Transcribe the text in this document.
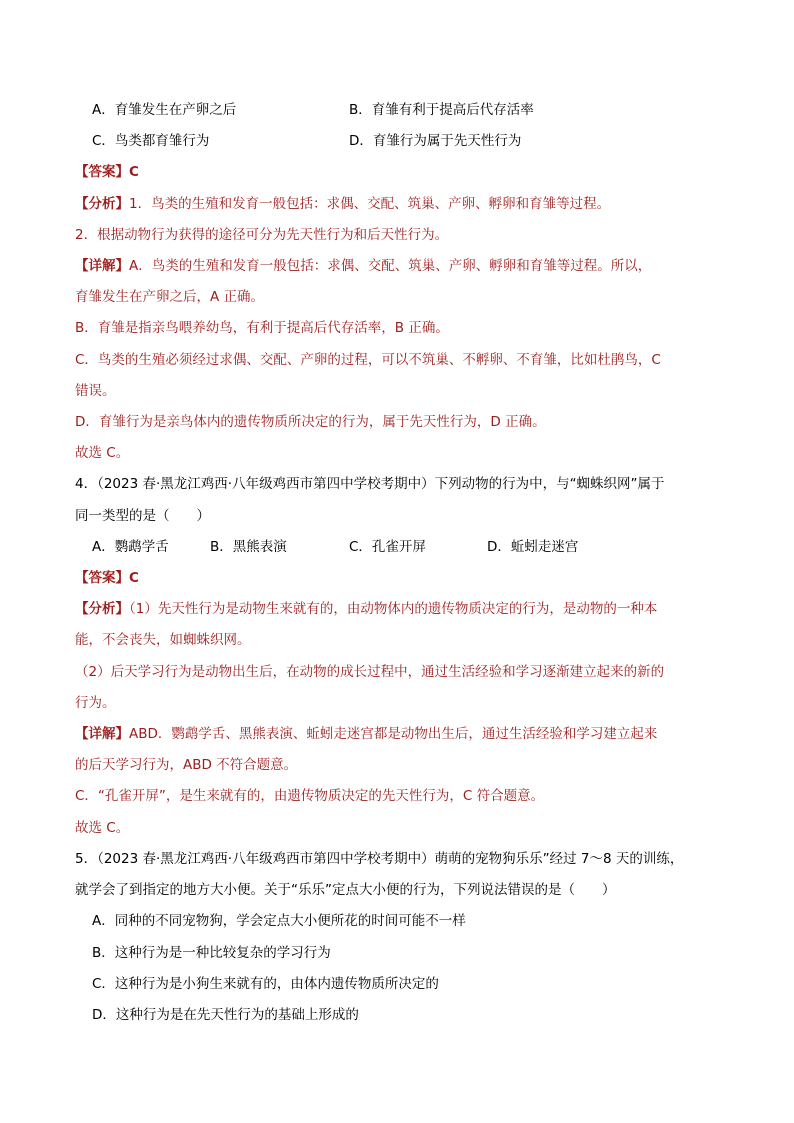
A．育雏发生在产卵之后	B．育雏有利于提高后代存活率
C．鸟类都育雏行为	D．育雏行为属于先天性行为
【答案】C
【分析】1．鸟类的生殖和发育一般包括：求偶、交配、筑巢、产卵、孵卵和育雏等过程。
2．根据动物行为获得的途径可分为先天性行为和后天性行为。
【详解】A．鸟类的生殖和发育一般包括：求偶、交配、筑巢、产卵、孵卵和育雏等过程。所以，
育雏发生在产卵之后，A 正确。
B．育雏是指亲鸟喂养幼鸟，有利于提高后代存活率，B 正确。
C．鸟类的生殖必须经过求偶、交配、产卵的过程，可以不筑巢、不孵卵、不育雏，比如杜鹃鸟，C
错误。
D．育雏行为是亲鸟体内的遗传物质所决定的行为，属于先天性行为，D 正确。
故选 C。
4．（2023 春·黑龙江鸡西·八年级鸡西市第四中学校考期中）下列动物的行为中，与“蜘蛛织网”属于
同一类型的是（　　）
A．鹦鹉学舌	B．黑熊表演	C．孔雀开屏	D．蚯蚓走迷宫
【答案】C
【分析】（1）先天性行为是动物生来就有的，由动物体内的遗传物质决定的行为，是动物的一种本
能，不会丧失，如蜘蛛织网。
（2）后天学习行为是动物出生后，在动物的成长过程中，通过生活经验和学习逐渐建立起来的新的
行为。
【详解】ABD．鹦鹉学舌、黑熊表演、蚯蚓走迷宫都是动物出生后，通过生活经验和学习建立起来
的后天学习行为，ABD 不符合题意。
C．“孔雀开屏”，是生来就有的，由遗传物质决定的先天性行为，C 符合题意。
故选 C。
5．（2023 春·黑龙江鸡西·八年级鸡西市第四中学校考期中）萌萌的宠物狗乐乐”经过 7～8 天的训练，
就学会了到指定的地方大小便。关于“乐乐”定点大小便的行为，下列说法错误的是（　　）
A．同种的不同宠物狗，学会定点大小便所花的时间可能不一样
B．这种行为是一种比较复杂的学习行为
C．这种行为是小狗生来就有的，由体内遗传物质所决定的
D．这种行为是在先天性行为的基础上形成的
